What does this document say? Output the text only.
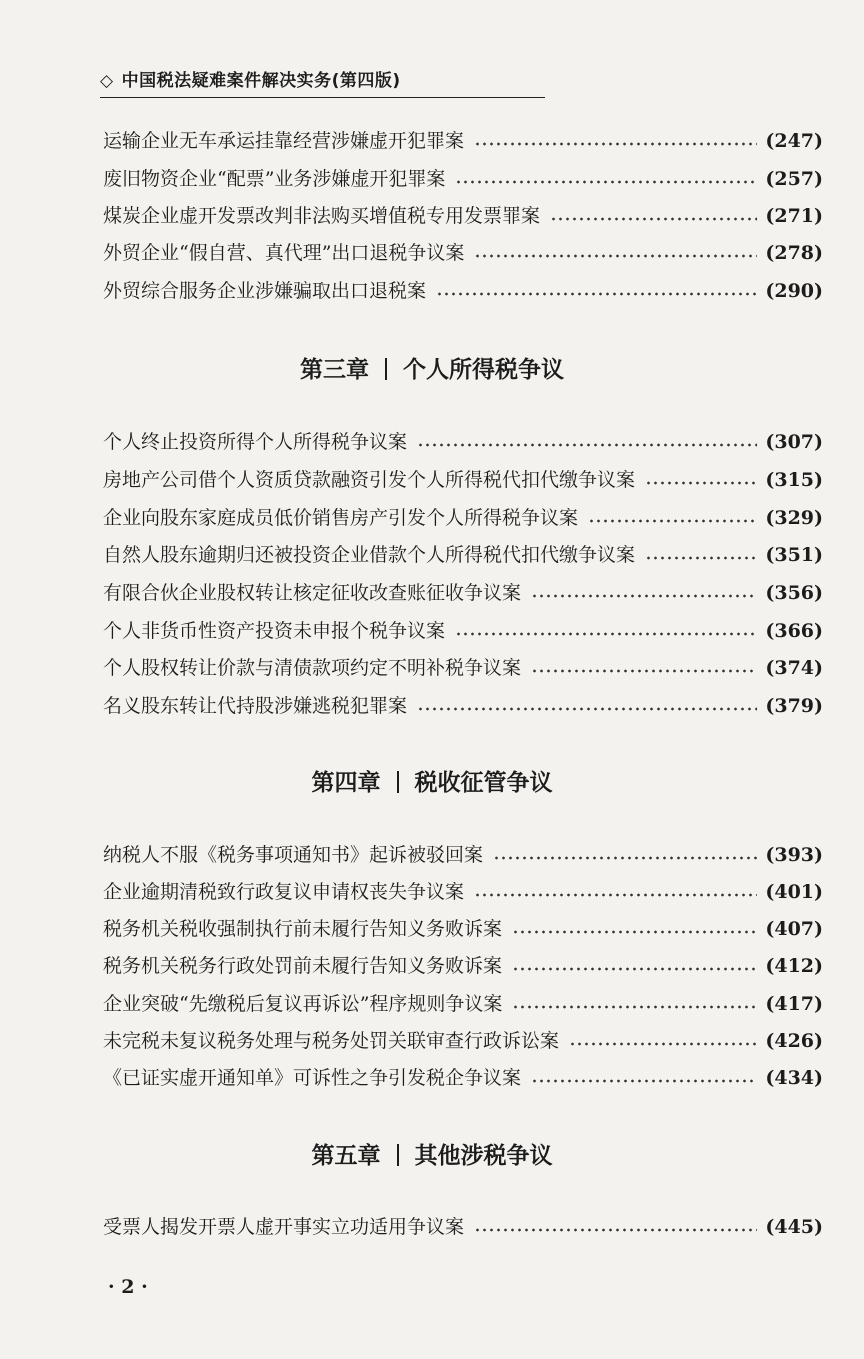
◇ 中国税法疑难案件解决实务(第四版)
运输企业无车承运挂靠经营涉嫌虚开犯罪案	(247)
废旧物资企业“配票”业务涉嫌虚开犯罪案	(257)
煤炭企业虚开发票改判非法购买增值税专用发票罪案	(271)
外贸企业“假自营、真代理”出口退税争议案	(278)
外贸综合服务企业涉嫌骗取出口退税案	(290)
第三章 个人所得税争议
个人终止投资所得个人所得税争议案	(307)
房地产公司借个人资质贷款融资引发个人所得税代扣代缴争议案	(315)
企业向股东家庭成员低价销售房产引发个人所得税争议案	(329)
自然人股东逾期归还被投资企业借款个人所得税代扣代缴争议案	(351)
有限合伙企业股权转让核定征收改查账征收争议案	(356)
个人非货币性资产投资未申报个税争议案	(366)
个人股权转让价款与清债款项约定不明补税争议案	(374)
名义股东转让代持股涉嫌逃税犯罪案	(379)
第四章 税收征管争议
纳税人不服《税务事项通知书》起诉被驳回案	(393)
企业逾期清税致行政复议申请权丧失争议案	(401)
税务机关税收强制执行前未履行告知义务败诉案	(407)
税务机关税务行政处罚前未履行告知义务败诉案	(412)
企业突破“先缴税后复议再诉讼”程序规则争议案	(417)
未完税未复议税务处理与税务处罚关联审查行政诉讼案	(426)
《已证实虚开通知单》可诉性之争引发税企争议案	(434)
第五章 其他涉税争议
受票人揭发开票人虚开事实立功适用争议案	(445)
· 2 ·
